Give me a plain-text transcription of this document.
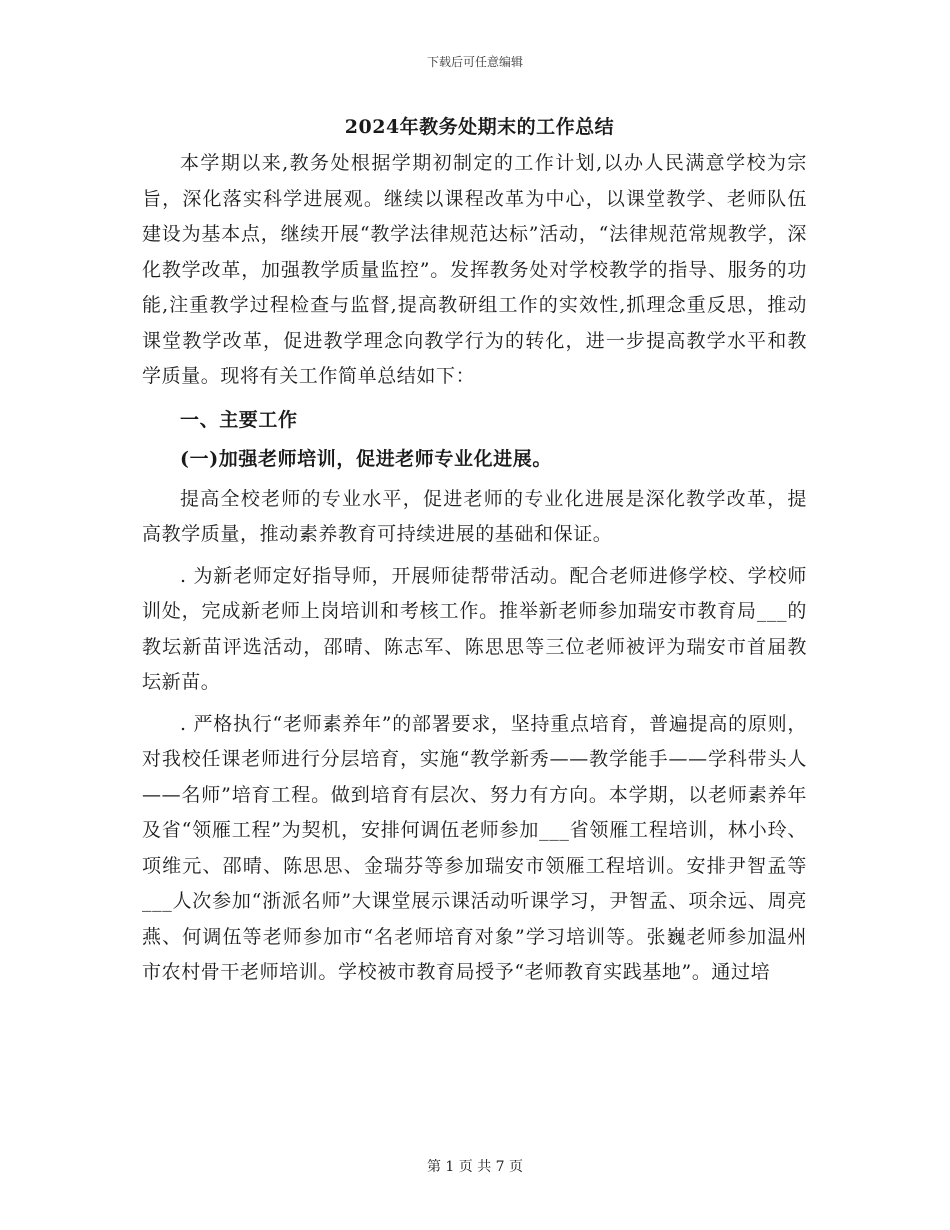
下载后可任意编辑
2024年教务处期末的工作总结

本学期以来,教务处根据学期初制定的工作计划,以办人民满意学校为宗旨，深化落实科学进展观。继续以课程改革为中心，以课堂教学、老师队伍建设为基本点，继续开展“教学法律规范达标”活动，“法律规范常规教学，深化教学改革，加强教学质量监控”。发挥教务处对学校教学的指导、服务的功能,注重教学过程检查与监督,提高教研组工作的实效性,抓理念重反思，推动课堂教学改革，促进教学理念向教学行为的转化，进一步提高教学水平和教学质量。现将有关工作简单总结如下：

一、主要工作

(一)加强老师培训，促进老师专业化进展。

提高全校老师的专业水平，促进老师的专业化进展是深化教学改革，提高教学质量，推动素养教育可持续进展的基础和保证。

. 为新老师定好指导师，开展师徒帮带活动。配合老师进修学校、学校师训处，完成新老师上岗培训和考核工作。推举新老师参加瑞安市教育局___的教坛新苗评选活动，邵晴、陈志军、陈思思等三位老师被评为瑞安市首届教坛新苗。

. 严格执行“老师素养年”的部署要求，坚持重点培育，普遍提高的原则，对我校任课老师进行分层培育，实施“教学新秀——教学能手——学科带头人——名师”培育工程。做到培育有层次、努力有方向。本学期，以老师素养年及省“领雁工程”为契机，安排何调伍老师参加___省领雁工程培训，林小玲、项维元、邵晴、陈思思、金瑞芬等参加瑞安市领雁工程培训。安排尹智孟等___人次参加“浙派名师”大课堂展示课活动听课学习，尹智孟、项余远、周亮燕、何调伍等老师参加市“名老师培育对象”学习培训等。张巍老师参加温州市农村骨干老师培训。学校被市教育局授予“老师教育实践基地”。通过培

第 1 页 共 7 页
